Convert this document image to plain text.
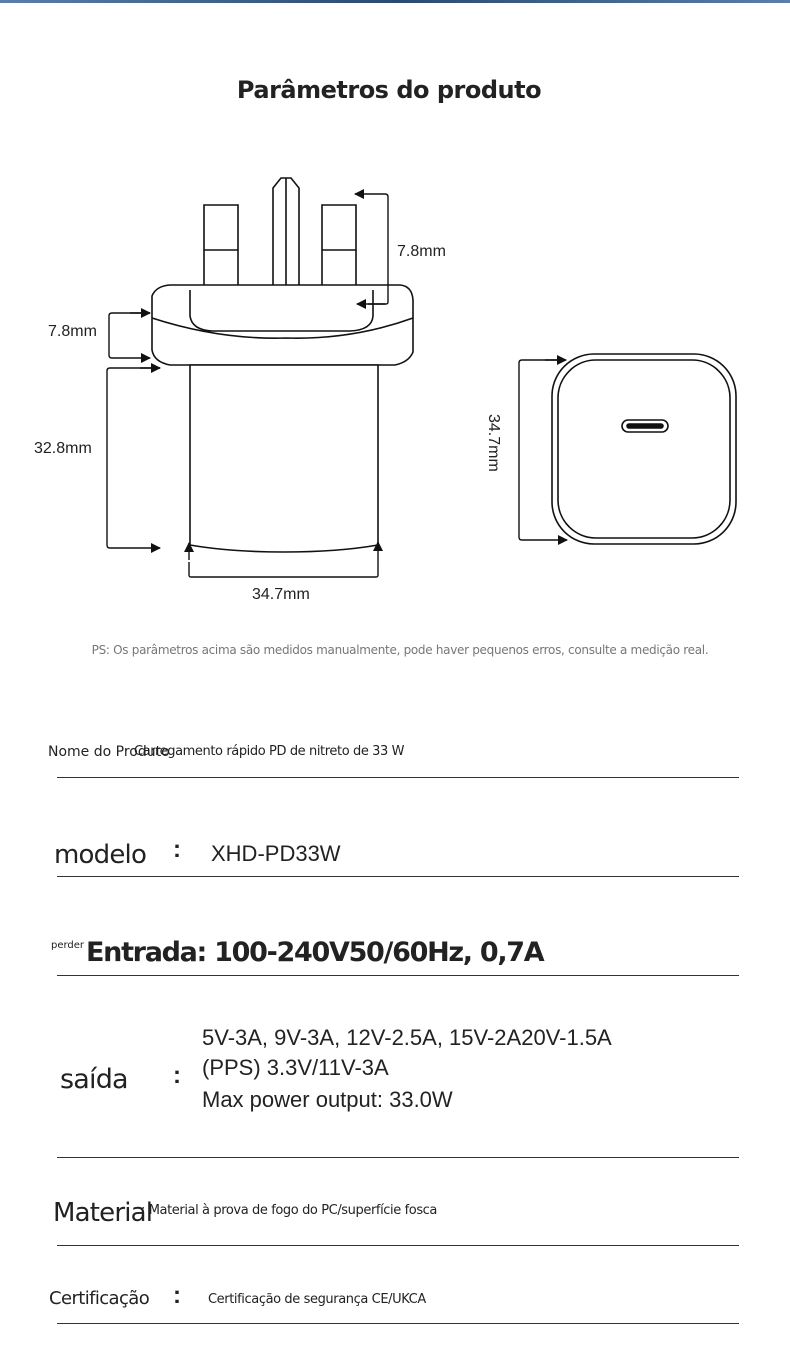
Parâmetros do produto
7.8mm
7.8mm
32.8mm
34.7mm
34.7mm
PS: Os parâmetros acima são medidos manualmente, pode haver pequenos erros, consulte a medição real.
Nome do Produto
Carregamento rápido PD de nitreto de 33 W
modelo : XHD-PD33W
perder Entrada: 100-240V50/60Hz, 0,7A
saída :
5V-3A, 9V-3A, 12V-2.5A, 15V-2A20V-1.5A
(PPS) 3.3V/11V-3A
Max power output: 33.0W
Material
: Material à prova de fogo do PC/superfície fosca
Certificação : Certificação de segurança CE/UKCA
